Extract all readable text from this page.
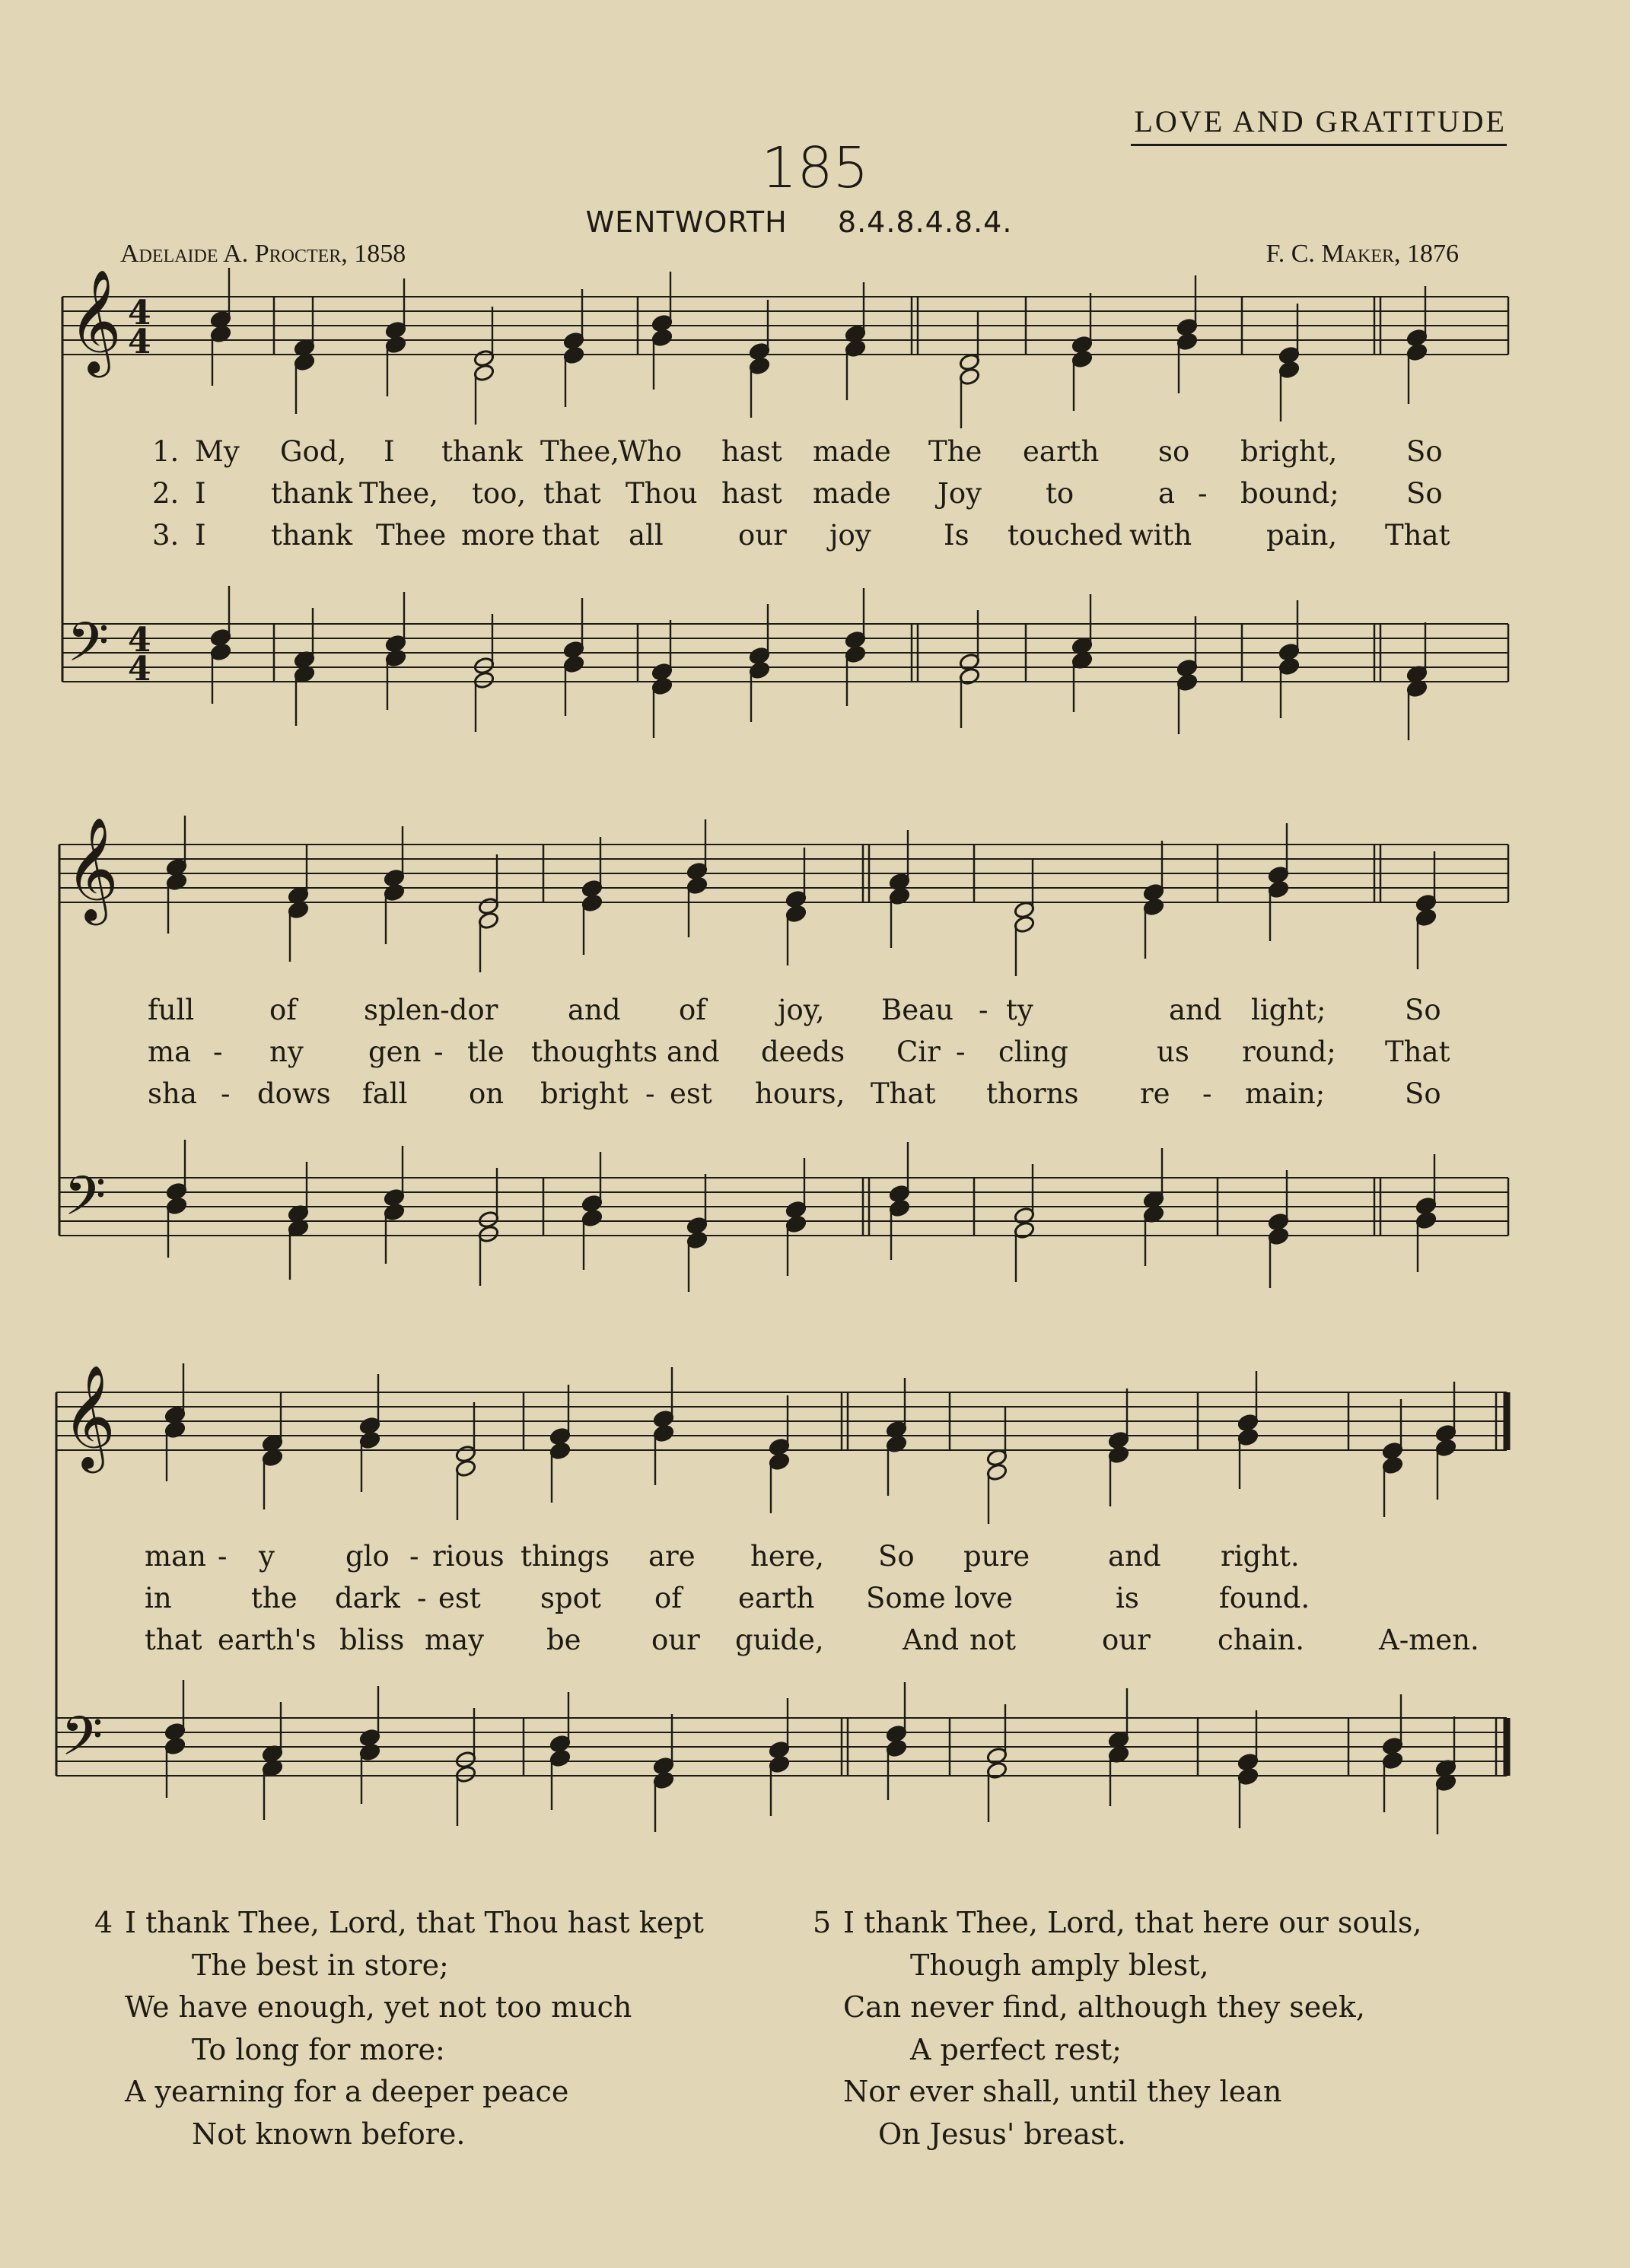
LOVE AND GRATITUDE
185
WENTWORTH 8.4.8.4.8.4.
Adelaide A. Procter, 1858	F. C. Maker, 1876
𝄞
𝄢
4
4
4
4
𝄞
𝄢
𝄞
𝄢
1. My God, I thank Thee,
Who hast made The earth so bright, So
2. I thank Thee, too, that Thou hast made Joy to	a - bound; So
3. I thank Thee more that all	our joy	Is touched with	pain, That
full	of splen-dor and of	joy, Beau - ty	and light;	So
ma - ny gen - tle thoughts and deeds Cir - cling	us round; That
sha - dows fall on bright - est hours, That thorns re - main;	So
man - y	glo - rious things are here, So pure	and right.
in	the dark - est spot of earth Some love	is	found.
that earth's bliss may be our guide,	And not	our chain.	A-men.
4 I thank Thee, Lord, that Thou hast kept
The best in store;
We have enough, yet not too much
To long for more:
A yearning for a deeper peace
Not known before.
5 I thank Thee, Lord, that here our souls,
Though amply blest,
Can never find, although they seek,
A perfect rest;
Nor ever shall, until they lean
On Jesus' breast.
